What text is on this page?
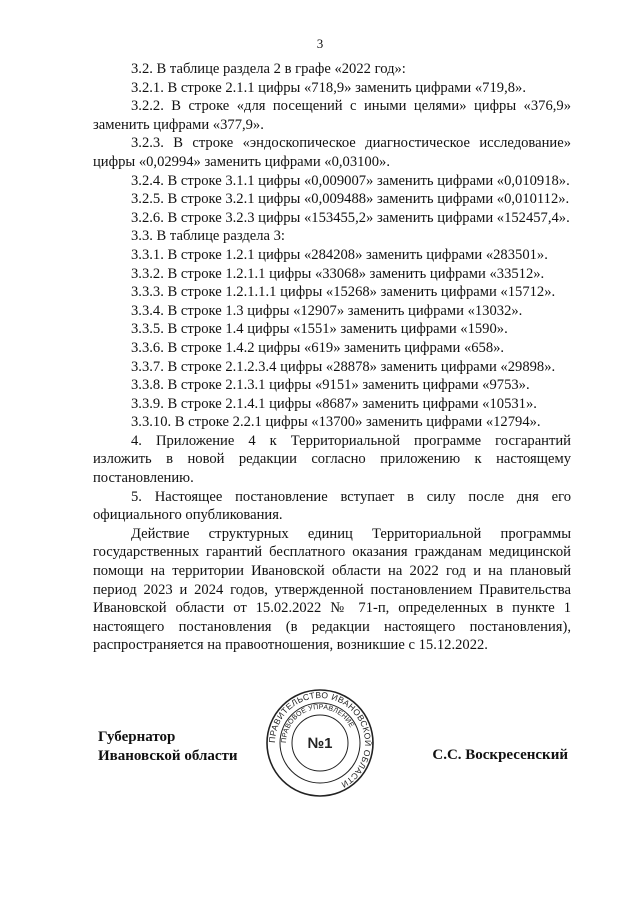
3

3.2. В таблице раздела 2 в графе «2022 год»:

3.2.1. В строке 2.1.1 цифры «718,9» заменить цифрами «719,8».

3.2.2. В строке «для посещений с иными целями» цифры «376,9» заменить цифрами «377,9».

3.2.3. В строке «эндоскопическое диагностическое исследование» цифры «0,02994» заменить цифрами «0,03100».

3.2.4. В строке 3.1.1 цифры «0,009007» заменить цифрами «0,010918».

3.2.5. В строке 3.2.1 цифры «0,009488» заменить цифрами «0,010112».

3.2.6. В строке 3.2.3 цифры «153455,2» заменить цифрами «152457,4».

3.3. В таблице раздела 3:

3.3.1. В строке 1.2.1 цифры «284208» заменить цифрами «283501».

3.3.2. В строке 1.2.1.1 цифры «33068» заменить цифрами «33512».

3.3.3. В строке 1.2.1.1.1 цифры «15268» заменить цифрами «15712».

3.3.4. В строке 1.3 цифры «12907» заменить цифрами «13032».

3.3.5. В строке 1.4 цифры «1551» заменить цифрами «1590».

3.3.6. В строке 1.4.2 цифры «619» заменить цифрами «658».

3.3.7. В строке 2.1.2.3.4 цифры «28878» заменить цифрами «29898».

3.3.8. В строке 2.1.3.1 цифры «9151» заменить цифрами «9753».

3.3.9. В строке 2.1.4.1 цифры «8687» заменить цифрами «10531».

3.3.10. В строке 2.2.1 цифры «13700» заменить цифрами «12794».

4. Приложение 4 к Территориальной программе госгарантий изложить в новой редакции согласно приложению к настоящему постановлению.

5. Настоящее постановление вступает в силу после дня его официального опубликования.

Действие структурных единиц Территориальной программы государственных гарантий бесплатного оказания гражданам медицинской помощи на территории Ивановской области на 2022 год и на плановый период 2023 и 2024 годов, утвержденной постановлением Правительства Ивановской области от 15.02.2022 № 71-п, определенных в пункте 1 настоящего постановления (в редакции настоящего постановления), распространяется на правоотношения, возникшие с 15.12.2022.

ПРАВИТЕЛЬСТВО ИВАНОВСКОЙ ОБЛАСТИ
ПРАВОВОЕ УПРАВЛЕНИЕ
№1
Губернатор
Ивановской области	С.С. Воскресенский
